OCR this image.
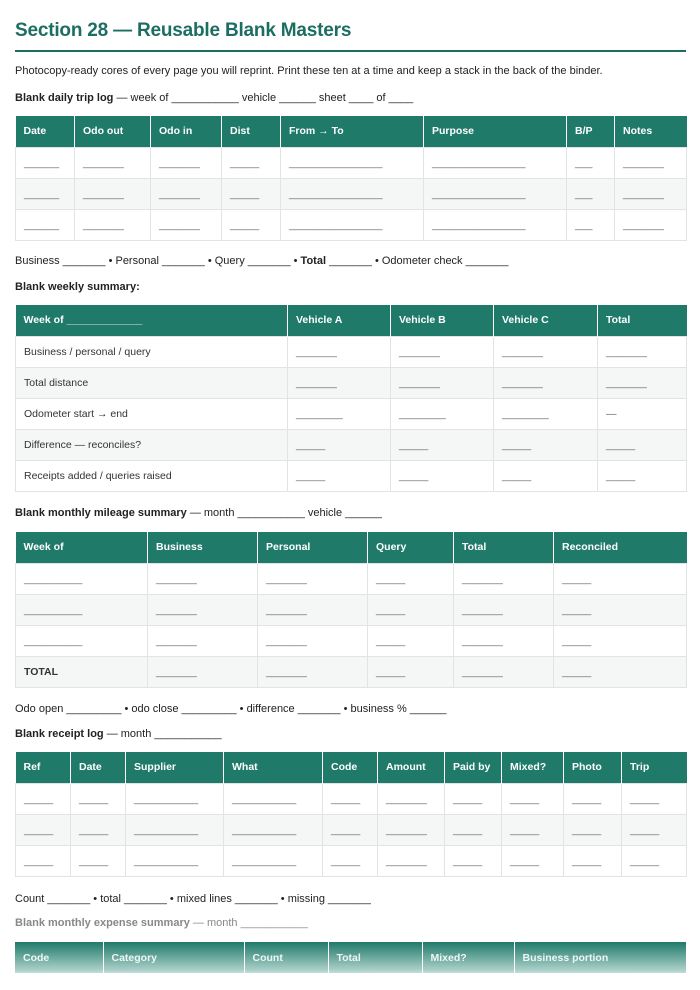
Section 28 — Reusable Blank Masters
Photocopy-ready cores of every page you will reprint. Print these ten at a time and keep a stack in the back of the binder.
Blank daily trip log — week of ___________ vehicle ______ sheet ____ of ____
Date	Odo out	Odo in	Dist	From → To	Purpose	B/P	Notes
______	_______	_______	_____	________________	________________	___	_______
______	_______	_______	_____	________________	________________	___	_______
______	_______	_______	_____	________________	________________	___	_______
Business _______ • Personal _______ • Query _______ • Total _______ • Odometer check _______
Blank weekly summary:
Week of _____________	Vehicle A	Vehicle B	Vehicle C	Total
Business / personal / query	_______	_______	_______	_______
Total distance	_______	_______	_______	_______
Odometer start → end	________	________	________	—
Difference — reconciles?	_____	_____	_____	_____
Receipts added / queries raised	_____	_____	_____	_____
Blank monthly mileage summary — month ___________ vehicle ______
Week of	Business	Personal	Query	Total	Reconciled
__________	_______	_______	_____	_______	_____
__________	_______	_______	_____	_______	_____
__________	_______	_______	_____	_______	_____
TOTAL	_______	_______	_____	_______	_____
Odo open _________ • odo close _________ • difference _______ • business % ______
Blank receipt log — month ___________
Ref	Date	Supplier	What	Code	Amount	Paid by	Mixed?	Photo	Trip
_____	_____	___________	___________	_____	_______	_____	_____	_____	_____
_____	_____	___________	___________	_____	_______	_____	_____	_____	_____
_____	_____	___________	___________	_____	_______	_____	_____	_____	_____
Count _______ • total _______ • mixed lines _______ • missing _______
Blank monthly expense summary — month ___________
Code	Category	Count	Total	Mixed?	Business portion
